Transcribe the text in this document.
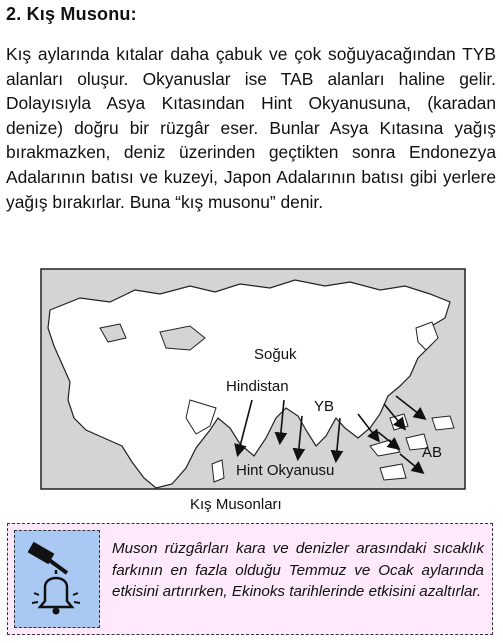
2. Kış Musonu:

Kış aylarında kıtalar daha çabuk ve çok soğuyacağından TYB alanları oluşur. Okyanuslar ise TAB alanları haline gelir. Dolayısıyla Asya Kıtasından Hint Okyanusuna, (karadan denize) doğru bir rüzgâr eser. Bunlar Asya Kıtasına yağış bırakmazken, deniz üzerinden geçtikten sonra Endonezya Adalarının batısı ve kuzeyi, Japon Adalarının batısı gibi yerlere yağış bırakırlar. Buna “kış musonu” denir.

Soğuk
Hindistan
YB
AB
Hint Okyanusu
Kış Musonları

Muson rüzgârları kara ve denizler arasındaki sıcaklık farkının en fazla olduğu Temmuz ve Ocak aylarında etkisini artırırken, Ekinoks tarihlerinde etkisini azaltırlar.
